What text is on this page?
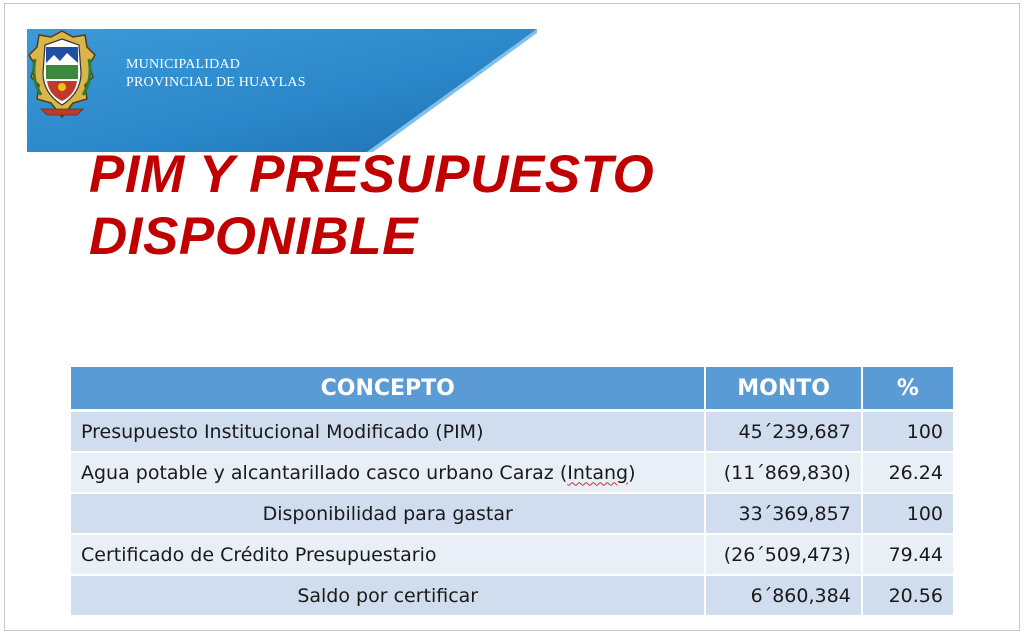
MUNICIPALIDAD
PROVINCIAL DE HUAYLAS
PIM Y PRESUPUESTO
DISPONIBLE
CONCEPTO	MONTO	%
Presupuesto Institucional Modificado (PIM)	45´239,687	100
Agua potable y alcantarillado casco urbano Caraz (Intang)	(11´869,830)	26.24
Disponibilidad para gastar	33´369,857	100
Certificado de Crédito Presupuestario	(26´509,473)	79.44
Saldo por certificar	6´860,384	20.56
